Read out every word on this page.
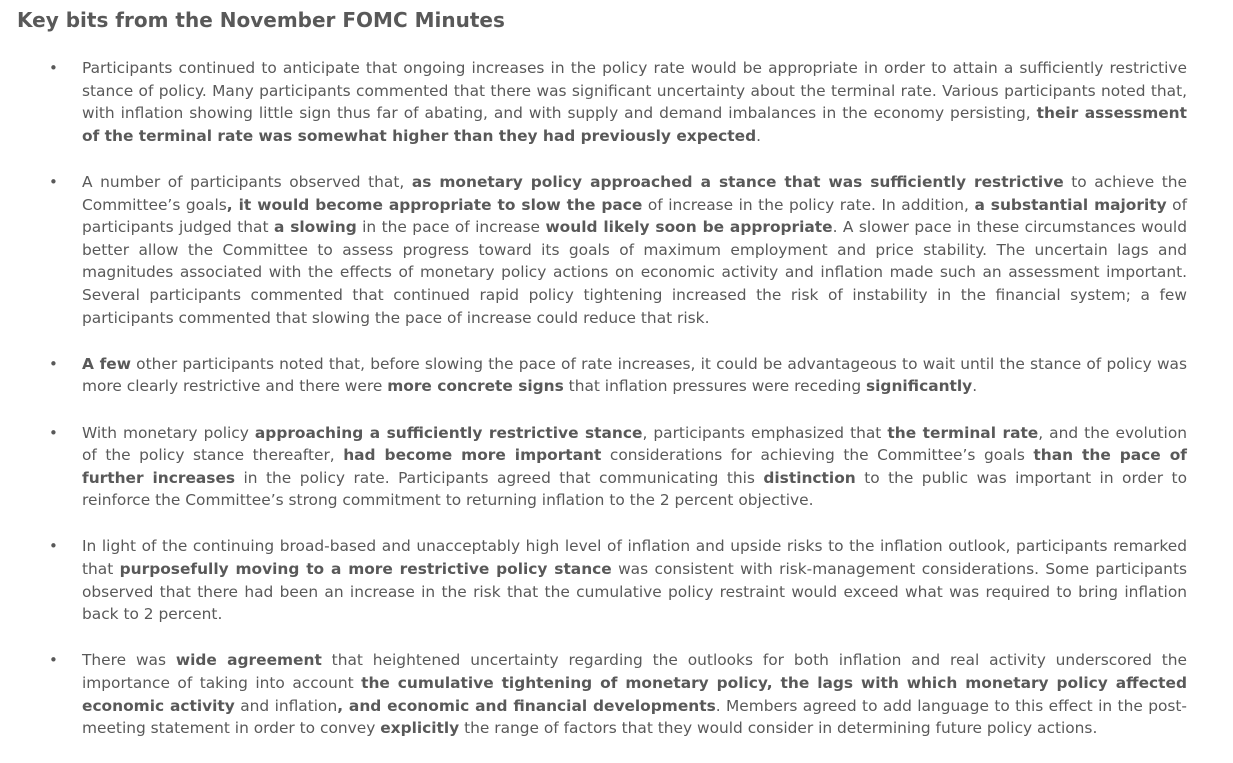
Key bits from the November FOMC Minutes
• Participants continued to anticipate that ongoing increases in the policy rate would be appropriate in order to attain a sufficiently restrictive stance of policy. Many participants commented that there was significant uncertainty about the terminal rate. Various participants noted that, with inflation showing little sign thus far of abating, and with supply and demand imbalances in the economy persisting, their assessment of the terminal rate was somewhat higher than they had previously expected.
• A number of participants observed that, as monetary policy approached a stance that was sufficiently restrictive to achieve the Committee’s goals, it would become appropriate to slow the pace of increase in the policy rate. In addition, a substantial majority of participants judged that a slowing in the pace of increase would likely soon be appropriate. A slower pace in these circumstances would better allow the Committee to assess progress toward its goals of maximum employment and price stability. The uncertain lags and magnitudes associated with the effects of monetary policy actions on economic activity and inflation made such an assessment important. Several participants commented that continued rapid policy tightening increased the risk of instability in the financial system; a few participants commented that slowing the pace of increase could reduce that risk.
• A few other participants noted that, before slowing the pace of rate increases, it could be advantageous to wait until the stance of policy was more clearly restrictive and there were more concrete signs that inflation pressures were receding significantly.
• With monetary policy approaching a sufficiently restrictive stance, participants emphasized that the terminal rate, and the evolution of the policy stance thereafter, had become more important considerations for achieving the Committee’s goals than the pace of further increases in the policy rate. Participants agreed that communicating this distinction to the public was important in order to reinforce the Committee’s strong commitment to returning inflation to the 2 percent objective.
• In light of the continuing broad-based and unacceptably high level of inflation and upside risks to the inflation outlook, participants remarked that purposefully moving to a more restrictive policy stance was consistent with risk-management considerations. Some participants observed that there had been an increase in the risk that the cumulative policy restraint would exceed what was required to bring inflation back to 2 percent.
• There was wide agreement that heightened uncertainty regarding the outlooks for both inflation and real activity underscored the importance of taking into account the cumulative tightening of monetary policy, the lags with which monetary policy affected economic activity and inflation, and economic and financial developments. Members agreed to add language to this effect in the post-meeting statement in order to convey explicitly the range of factors that they would consider in determining future policy actions.
